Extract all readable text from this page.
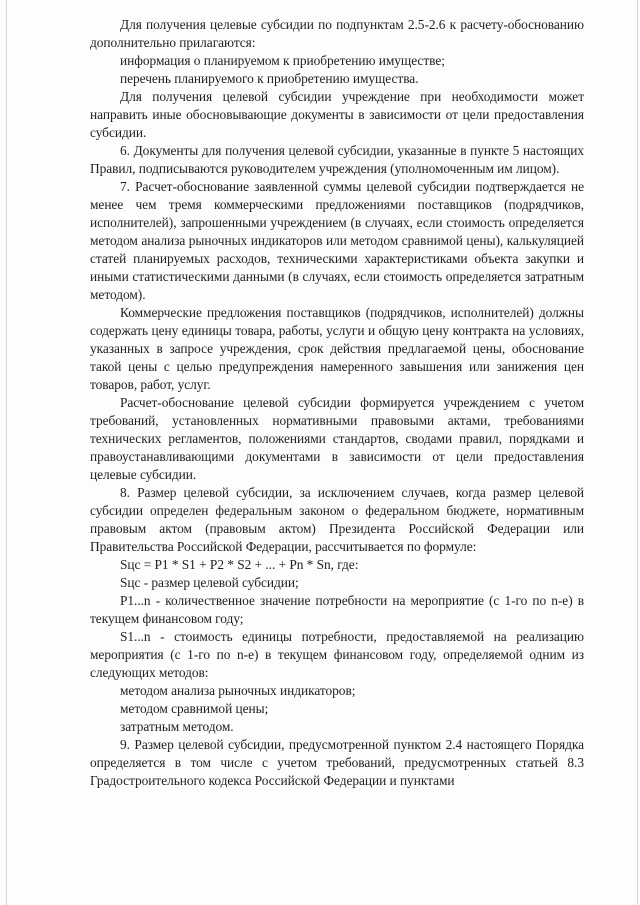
Для получения целевые субсидии по подпунктам 2.5-2.6 к расчету-обоснованию дополнительно прилагаются:

информация о планируемом к приобретению имуществе;

перечень планируемого к приобретению имущества.

Для получения целевой субсидии учреждение при необходимости может направить иные обосновывающие документы в зависимости от цели предоставления субсидии.

6. Документы для получения целевой субсидии, указанные в пункте 5 настоящих Правил, подписываются руководителем учреждения (уполномоченным им лицом).

7. Расчет-обоснование заявленной суммы целевой субсидии подтверждается не менее чем тремя коммерческими предложениями поставщиков (подрядчиков, исполнителей), запрошенными учреждением (в случаях, если стоимость определяется методом анализа рыночных индикаторов или методом сравнимой цены), калькуляцией статей планируемых расходов, техническими характеристиками объекта закупки и иными статистическими данными (в случаях, если стоимость определяется затратным методом).

Коммерческие предложения поставщиков (подрядчиков, исполнителей) должны содержать цену единицы товара, работы, услуги и общую цену контракта на условиях, указанных в запросе учреждения, срок действия предлагаемой цены, обоснование такой цены с целью предупреждения намеренного завышения или занижения цен товаров, работ, услуг.

Расчет-обоснование целевой субсидии формируется учреждением с учетом требований, установленных нормативными правовыми актами, требованиями технических регламентов, положениями стандартов, сводами правил, порядками и правоустанавливающими документами в зависимости от цели предоставления целевые субсидии.

8. Размер целевой субсидии, за исключением случаев, когда размер целевой субсидии определен федеральным законом о федеральном бюджете, нормативным правовым актом (правовым актом) Президента Российской Федерации или Правительства Российской Федерации, рассчитывается по формуле:

Sцс = P1 * S1 + P2 * S2 + ... + Pn * Sn, где:

Sцс - размер целевой субсидии;

P1...n - количественное значение потребности на мероприятие (с 1-го по n-е) в текущем финансовом году;

S1...n - стоимость единицы потребности, предоставляемой на реализацию мероприятия (с 1-го по n-е) в текущем финансовом году, определяемой одним из следующих методов:

методом анализа рыночных индикаторов;

методом сравнимой цены;

затратным методом.

9. Размер целевой субсидии, предусмотренной пунктом 2.4 настоящего Порядка определяется в том числе с учетом требований, предусмотренных статьей 8.3 Градостроительного кодекса Российской Федерации и пунктами
